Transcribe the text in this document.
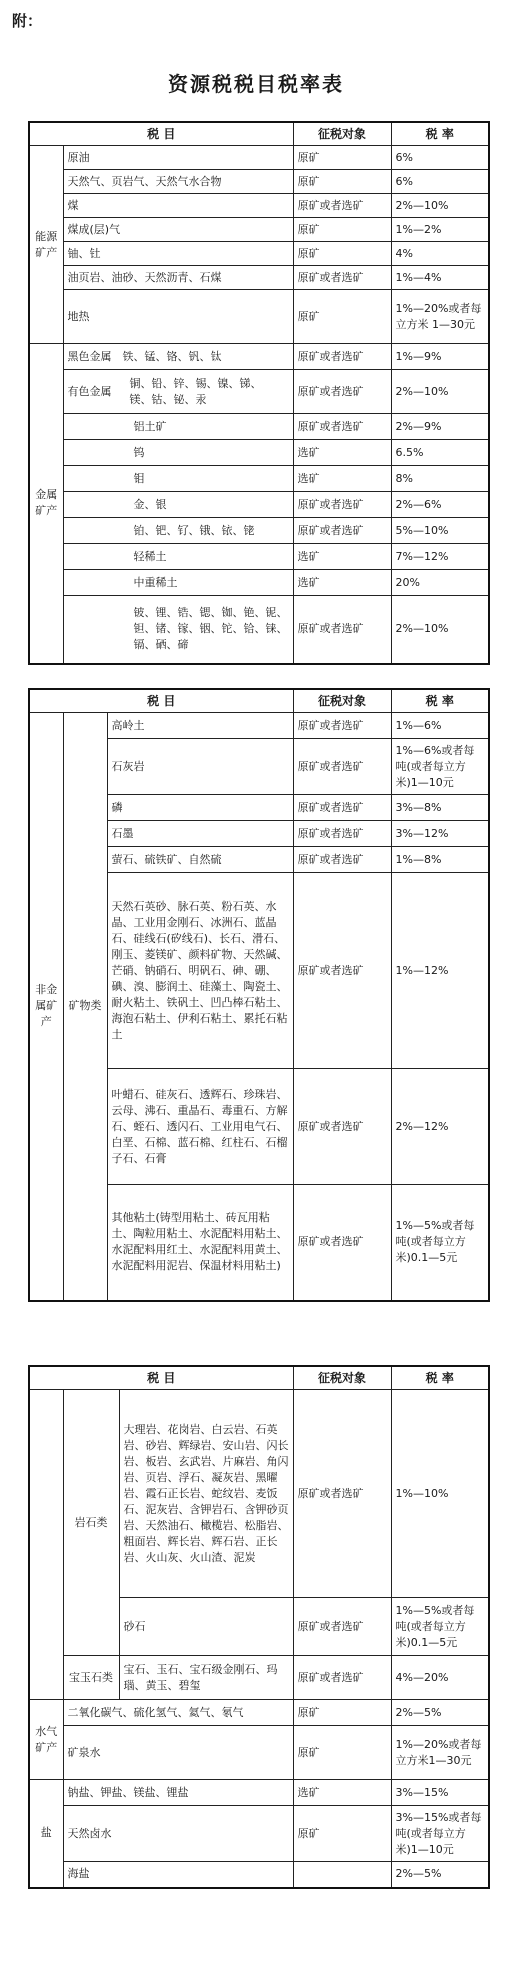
附：
资源税税目税率表
税 目		征税对象	税 率
能源矿产	原油	原矿	6%
	天然气、页岩气、天然气水合物	原矿	6%
	煤	原矿或者选矿	2%—10%
	煤成(层)气	原矿	1%—2%
	铀、钍	原矿	4%
	油页岩、油砂、天然沥青、石煤	原矿或者选矿	1%—4%
	地热	原矿	1%—20%或者每立方米 1—30元
金属矿产	黑色金属　 铁、锰、铬、钒、钛	原矿或者选矿	1%—9%
	有色金属铜、铅、锌、锡、镍、锑、镁、钴、铋、汞	原矿或者选矿	2%—10%
	铝土矿	原矿或者选矿	2%—9%
	钨	选矿	6.5%
	钼	选矿	8%
	金、银	原矿或者选矿	2%—6%
	铂、钯、钌、锇、铱、铑	原矿或者选矿	5%—10%
	轻稀土	选矿	7%—12%
	中重稀土	选矿	20%
	铍、锂、锆、锶、铷、铯、铌、钽、锗、镓、铟、铊、铪、铼、镉、硒、碲	原矿或者选矿	2%—10%
税 目			征税对象	税 率
非金属矿产	矿物类	高岭土	原矿或者选矿	1%—6%
		石灰岩	原矿或者选矿	1%—6%或者每吨(或者每立方米)1—10元
		磷	原矿或者选矿	3%—8%
		石墨	原矿或者选矿	3%—12%
		萤石、硫铁矿、自然硫	原矿或者选矿	1%—8%
		天然石英砂、脉石英、粉石英、水晶、工业用金刚石、冰洲石、蓝晶石、硅线石(矽线石)、长石、滑石、刚玉、菱镁矿、颜料矿物、天然碱、芒硝、钠硝石、明矾石、砷、硼、碘、溴、膨润土、硅藻土、陶瓷土、耐火粘土、铁矾土、凹凸棒石粘土、海泡石粘土、伊利石粘土、累托石粘土	原矿或者选矿	1%—12%
		叶蜡石、硅灰石、透辉石、珍珠岩、云母、沸石、重晶石、毒重石、方解石、蛭石、透闪石、工业用电气石、白垩、石棉、蓝石棉、红柱石、石榴子石、石膏	原矿或者选矿	2%—12%
		其他粘土(铸型用粘土、砖瓦用粘土、陶粒用粘土、水泥配料用粘土、水泥配料用红土、水泥配料用黄土、水泥配料用泥岩、保温材料用粘土)	原矿或者选矿	1%—5%或者每吨(或者每立方米)0.1—5元
税 目			征税对象	税 率
	岩石类	大理岩、花岗岩、白云岩、石英岩、砂岩、辉绿岩、安山岩、闪长岩、板岩、玄武岩、片麻岩、角闪岩、页岩、浮石、凝灰岩、黑曜岩、霞石正长岩、蛇纹岩、麦饭石、泥灰岩、含钾岩石、含钾砂页岩、天然油石、橄榄岩、松脂岩、粗面岩、辉长岩、辉石岩、正长岩、火山灰、火山渣、泥炭	原矿或者选矿	1%—10%
		砂石	原矿或者选矿	1%—5%或者每吨(或者每立方米)0.1—5元
	宝玉石类	宝石、玉石、宝石级金刚石、玛瑙、黄玉、碧玺	原矿或者选矿	4%—20%
水气矿产	二氧化碳气、硫化氢气、氦气、氡气		原矿	2%—5%
	矿泉水		原矿	1%—20%或者每立方米1—30元
盐	钠盐、钾盐、镁盐、锂盐		选矿	3%—15%
	天然卤水		原矿	3%—15%或者每吨(或者每立方米)1—10元
	海盐			2%—5%
